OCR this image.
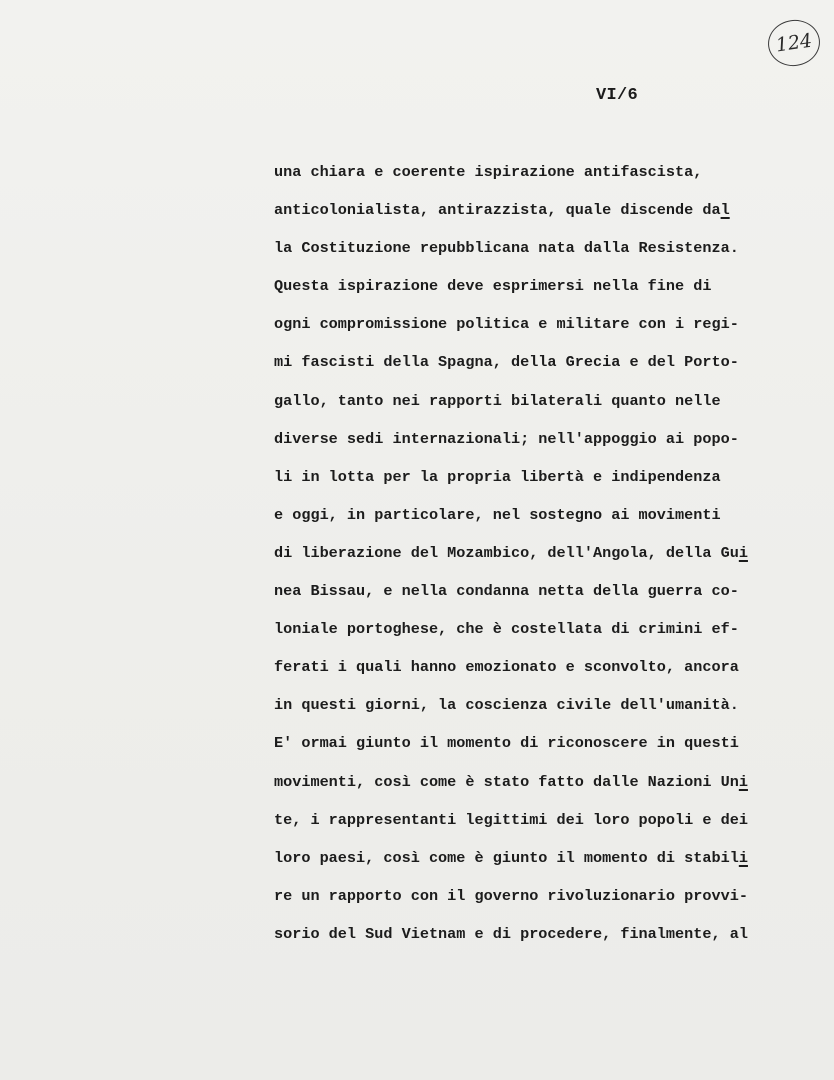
124
VI/6
una chiara e coerente ispirazione antifascista,
anticolonialista, antirazzista, quale discende dal
la Costituzione repubblicana nata dalla Resistenza.
Questa ispirazione deve esprimersi nella fine di
ogni compromissione politica e militare con i regi-
mi fascisti della Spagna, della Grecia e del Porto-
gallo, tanto nei rapporti bilaterali quanto nelle
diverse sedi internazionali; nell'appoggio ai popo-
li in lotta per la propria libertà e indipendenza
e oggi, in particolare, nel sostegno ai movimenti
di liberazione del Mozambico, dell'Angola, della Gui
nea Bissau, e nella condanna netta della guerra co-
loniale portoghese, che è costellata di crimini ef-
ferati i quali hanno emozionato e sconvolto, ancora
in questi giorni, la coscienza civile dell'umanità.
E' ormai giunto il momento di riconoscere in questi
movimenti, così come è stato fatto dalle Nazioni Uni
te, i rappresentanti legittimi dei loro popoli e dei
loro paesi, così come è giunto il momento di stabili
re un rapporto con il governo rivoluzionario provvi-
sorio del Sud Vietnam e di procedere, finalmente, al
